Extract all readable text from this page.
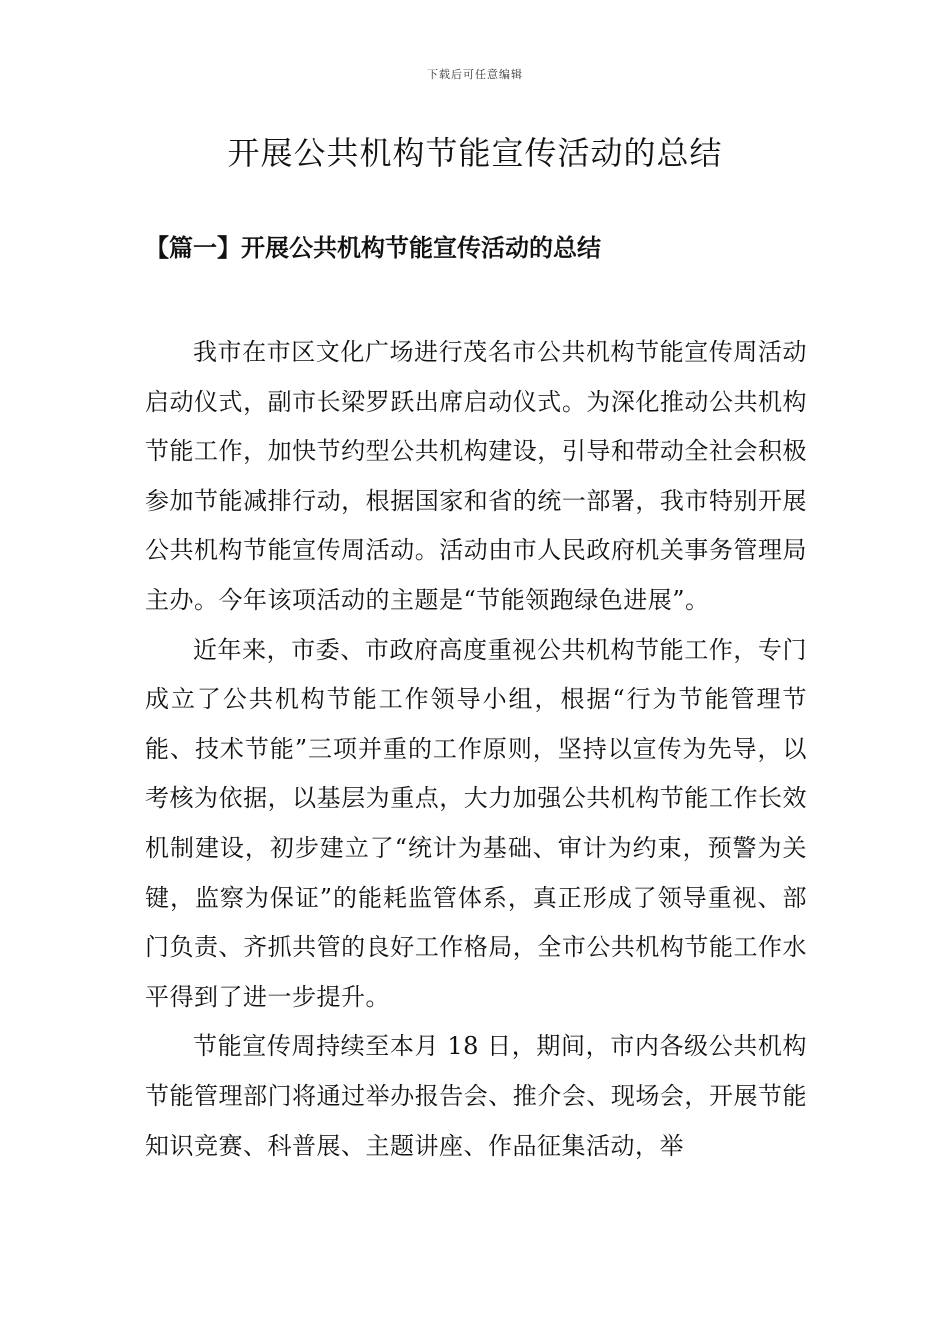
下载后可任意编辑
开展公共机构节能宣传活动的总结
【篇一】开展公共机构节能宣传活动的总结

我市在市区文化广场进行茂名市公共机构节能宣传周活动启动仪式，副市长梁罗跃出席启动仪式。为深化推动公共机构节能工作，加快节约型公共机构建设，引导和带动全社会积极参加节能减排行动，根据国家和省的统一部署，我市特别开展公共机构节能宣传周活动。活动由市人民政府机关事务管理局主办。今年该项活动的主题是“节能领跑绿色进展”。

近年来，市委、市政府高度重视公共机构节能工作，专门成立了公共机构节能工作领导小组，根据“行为节能管理节能、技术节能”三项并重的工作原则，坚持以宣传为先导，以考核为依据，以基层为重点，大力加强公共机构节能工作长效机制建设，初步建立了“统计为基础、审计为约束，预警为关键，监察为保证”的能耗监管体系，真正形成了领导重视、部门负责、齐抓共管的良好工作格局，全市公共机构节能工作水平得到了进一步提升。

节能宣传周持续至本月 18 日，期间，市内各级公共机构节能管理部门将通过举办报告会、推介会、现场会，开展节能知识竞赛、科普展、主题讲座、作品征集活动，举
